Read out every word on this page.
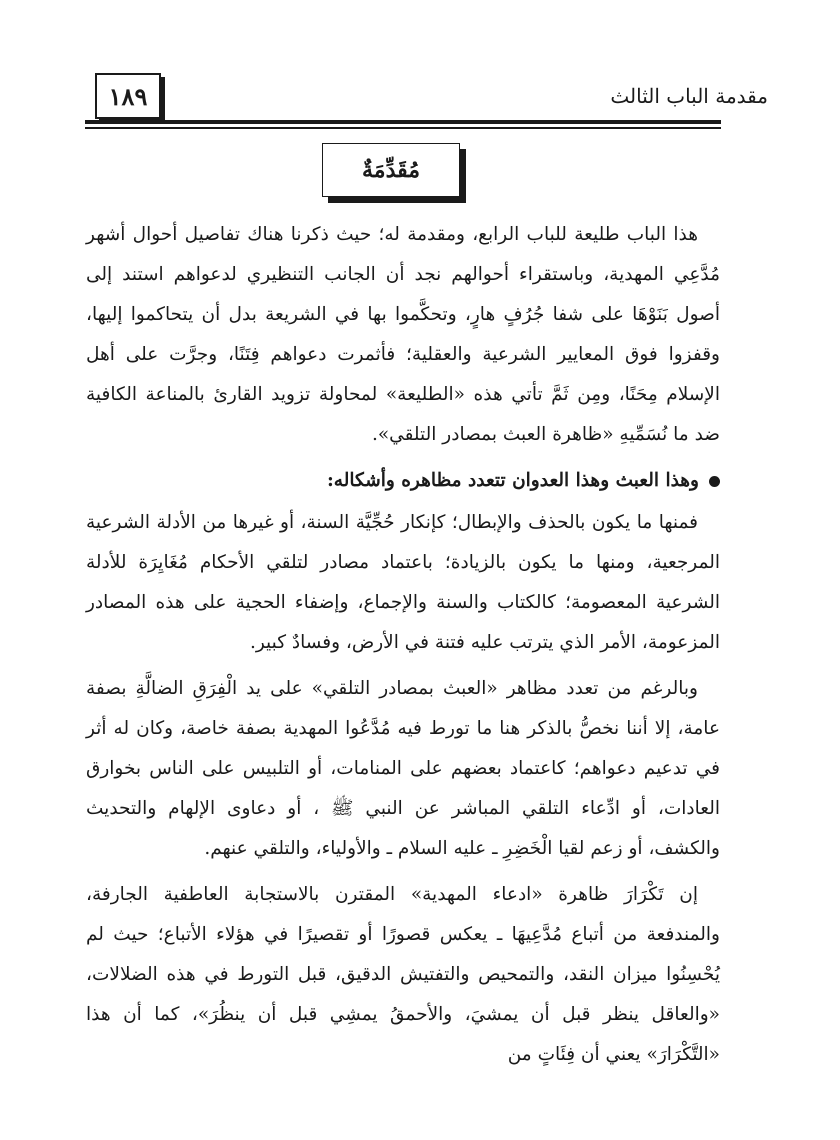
١٨٩	مقدمة الباب الثالث
مُقَدِّمَةٌ

هذا الباب طليعة للباب الرابع، ومقدمة له؛ حيث ذكرنا هناك تفاصيل أحوال أشهر مُدَّعِي المهدية، وباستقراء أحوالهم نجد أن الجانب التنظيري لدعواهم استند إلى أصول بَنَوْهَا على شفا جُرُفٍ هارٍ، وتحكَّموا بها في الشريعة بدل أن يتحاكموا إليها، وقفزوا فوق المعايير الشرعية والعقلية؛ فأثمرت دعواهم فِتَنًا، وجرَّت على أهل الإسلام مِحَنًا، ومِن ثَمَّ تأتي هذه «الطليعة» لمحاولة تزويد القارئ بالمناعة الكافية ضد ما نُسَمِّيهِ «ظاهرة العبث بمصادر التلقي».

وهذا العبث وهذا العدوان تتعدد مظاهره وأشكاله:

فمنها ما يكون بالحذف والإبطال؛ كإنكار حُجِّيَّة السنة، أو غيرها من الأدلة الشرعية المرجعية، ومنها ما يكون بالزيادة؛ باعتماد مصادر لتلقي الأحكام مُغَايِرَة للأدلة الشرعية المعصومة؛ كالكتاب والسنة والإجماع، وإضفاء الحجية على هذه المصادر المزعومة، الأمر الذي يترتب عليه فتنة في الأرض، وفسادٌ كبير.

وبالرغم من تعدد مظاهر «العبث بمصادر التلقي» على يد الْفِرَقِ الضالَّةِ بصفة عامة، إلا أننا نخصُّ بالذكر هنا ما تورط فيه مُدَّعُوا المهدية بصفة خاصة، وكان له أثر في تدعيم دعواهم؛ كاعتماد بعضهم على المنامات، أو التلبيس على الناس بخوارق العادات، أو ادِّعاء التلقي المباشر عن النبي ﷺ ، أو دعاوى الإلهام والتحديث والكشف، أو زعم لقيا الْخَضِرِ ـ عليه السلام ـ والأولياء، والتلقي عنهم.

إن تَكْرَارَ ظاهرة «ادعاء المهدية» المقترن بالاستجابة العاطفية الجارفة، والمندفعة من أتباع مُدَّعِيهَا ـ يعكس قصورًا أو تقصيرًا في هؤلاء الأتباع؛ حيث لم يُحْسِنُوا ميزان النقد، والتمحيص والتفتيش الدقيق، قبل التورط في هذه الضلالات، «والعاقل ينظر قبل أن يمشيَ، والأحمقُ يمشِي قبل أن ينظُرَ»، كما أن هذا «التَّكْرَارَ» يعني أن فِئَاتٍ من
